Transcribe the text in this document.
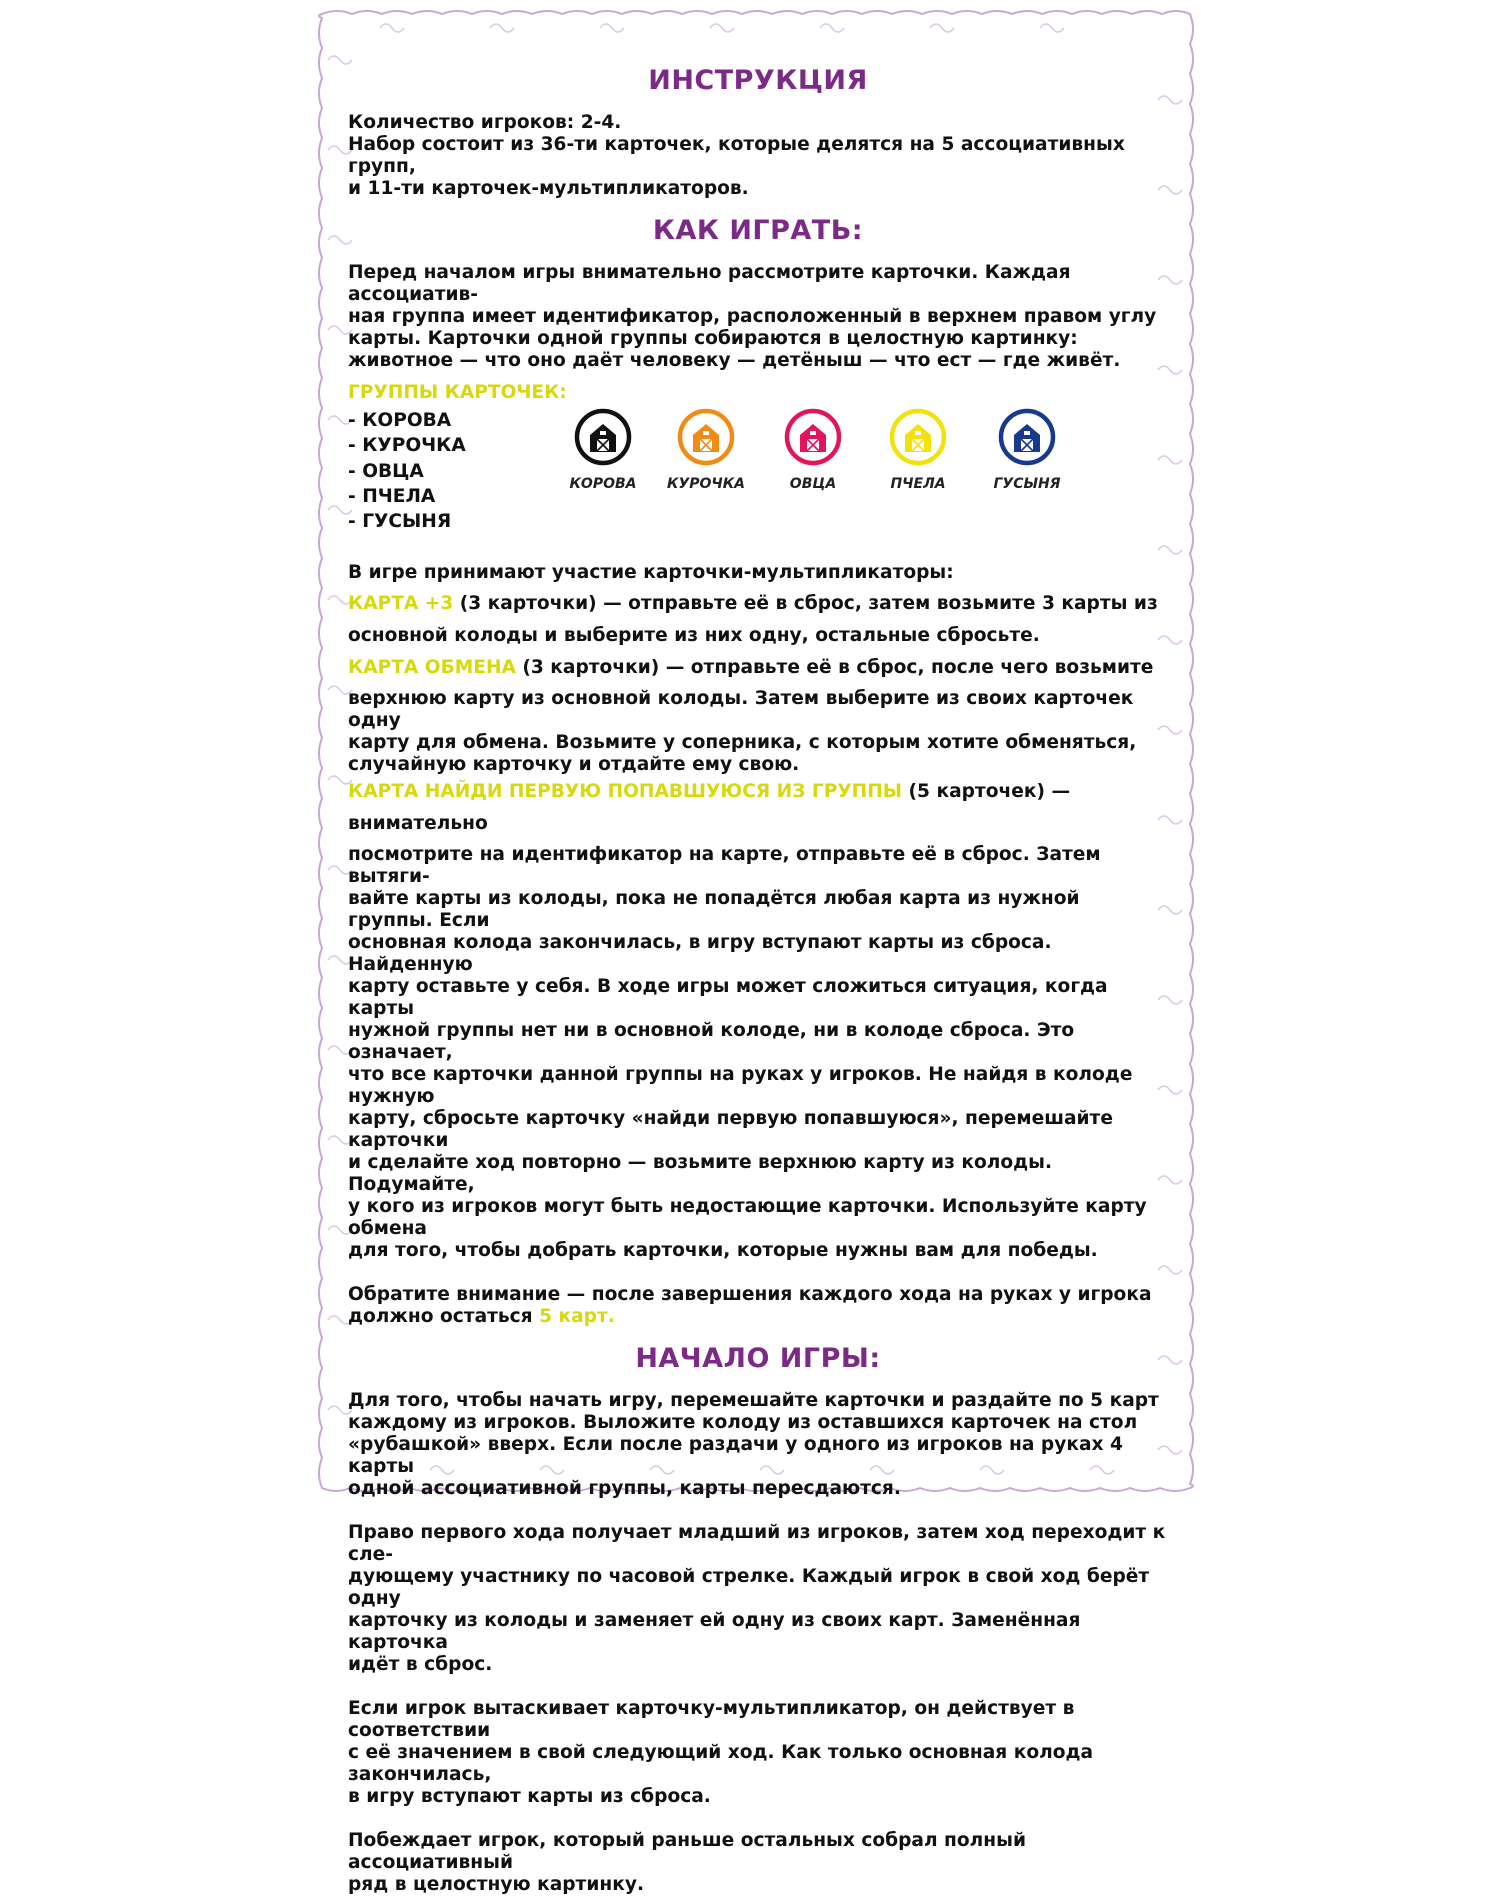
ИНСТРУКЦИЯ

Количество игроков: 2-4.

Набор состоит из 36-ти карточек, которые делятся на 5 ассоциативных групп,

и 11-ти карточек-мультипликаторов.

КАК ИГРАТЬ:

Перед началом игры внимательно рассмотрите карточки. Каждая ассоциатив-

ная группа имеет идентификатор, расположенный в верхнем правом углу

карты. Карточки одной группы собираются в целостную картинку:

животное — что оно даёт человеку — детёныш — что ест — где живёт.

ГРУППЫ КАРТОЧЕК:

- КОРОВА
- КУРОЧКА
- ОВЦА
- ПЧЕЛА
- ГУСЫНЯ
КОРОВА	КУРОЧКА	ОВЦА	ПЧЕЛА	ГУСЫНЯ

В игре принимают участие карточки-мультипликаторы:

КАРТА +3 (3 карточки) — отправьте её в сброс, затем возьмите 3 карты из

основной колоды и выберите из них одну, остальные сбросьте.

КАРТА ОБМЕНА (3 карточки) — отправьте её в сброс, после чего возьмите

верхнюю карту из основной колоды. Затем выберите из своих карточек одну

карту для обмена. Возьмите у соперника, с которым хотите обменяться,

случайную карточку и отдайте ему свою.

КАРТА НАЙДИ ПЕРВУЮ ПОПАВШУЮСЯ ИЗ ГРУППЫ (5 карточек) — внимательно

посмотрите на идентификатор на карте, отправьте её в сброс. Затем вытяги-

вайте карты из колоды, пока не попадётся любая карта из нужной группы. Если

основная колода закончилась, в игру вступают карты из сброса. Найденную

карту оставьте у себя. В ходе игры может сложиться ситуация, когда карты

нужной группы нет ни в основной колоде, ни в колоде сброса. Это означает,

что все карточки данной группы на руках у игроков. Не найдя в колоде нужную

карту, сбросьте карточку «найди первую попавшуюся», перемешайте карточки

и сделайте ход повторно — возьмите верхнюю карту из колоды. Подумайте,

у кого из игроков могут быть недостающие карточки. Используйте карту обмена

для того, чтобы добрать карточки, которые нужны вам для победы.

Обратите внимание — после завершения каждого хода на руках у игрока

должно остаться 5 карт.

НАЧАЛО ИГРЫ:

Для того, чтобы начать игру, перемешайте карточки и раздайте по 5 карт

каждому из игроков. Выложите колоду из оставшихся карточек на стол

«рубашкой» вверх. Если после раздачи у одного из игроков на руках 4 карты

одной ассоциативной группы, карты пересдаются.

Право первого хода получает младший из игроков, затем ход переходит к сле-

дующему участнику по часовой стрелке. Каждый игрок в свой ход берёт одну

карточку из колоды и заменяет ей одну из своих карт. Заменённая карточка

идёт в сброс.

Если игрок вытаскивает карточку-мультипликатор, он действует в соответствии

с её значением в свой следующий ход. Как только основная колода закончилась,

в игру вступают карты из сброса.

Побеждает игрок, который раньше остальных собрал полный ассоциативный

ряд в целостную картинку.
